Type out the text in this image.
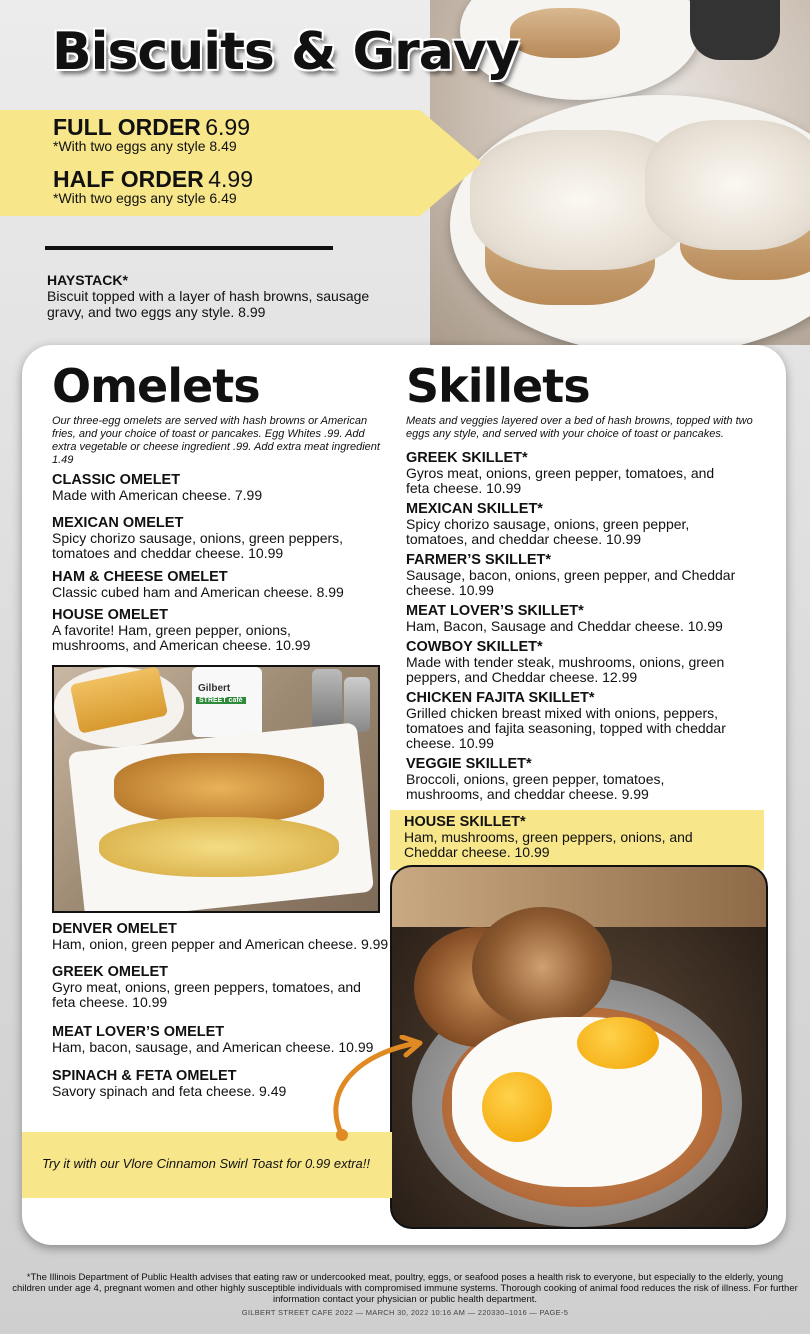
Biscuits & Gravy
FULL ORDER 6.99
*With two eggs any style 8.49
HALF ORDER 4.99
*With two eggs any style 6.49
HAYSTACK*
Biscuit topped with a layer of hash browns, sausage gravy, and two eggs any style. 8.99
Omelets
Our three-egg omelets are served with hash browns or American fries, and your choice of toast or pancakes. Egg Whites .99. Add extra vegetable or cheese ingredient .99. Add extra meat ingredient 1.49
CLASSIC OMELET
Made with American cheese. 7.99
MEXICAN OMELET
Spicy chorizo sausage, onions, green peppers, tomatoes and cheddar cheese. 10.99
HAM & CHEESE OMELET
Classic cubed ham and American cheese. 8.99
HOUSE OMELET
A favorite! Ham, green pepper, onions, mushrooms, and American cheese. 10.99
Gilbert
STREET café
DENVER OMELET
Ham, onion, green pepper and American cheese. 9.99
GREEK OMELET
Gyro meat, onions, green peppers, tomatoes, and feta cheese. 10.99
MEAT LOVER’S OMELET
Ham, bacon, sausage, and American cheese. 10.99
SPINACH & FETA OMELET
Savory spinach and feta cheese. 9.49
Skillets
Meats and veggies layered over a bed of hash browns, topped with two eggs any style, and served with your choice of toast or pancakes.
GREEK SKILLET*
Gyros meat, onions, green pepper, tomatoes, and feta cheese. 10.99
MEXICAN SKILLET*
Spicy chorizo sausage, onions, green pepper, tomatoes, and cheddar cheese. 10.99
FARMER’S SKILLET*
Sausage, bacon, onions, green pepper, and Cheddar cheese. 10.99
MEAT LOVER’S SKILLET*
Ham, Bacon, Sausage and Cheddar cheese. 10.99
COWBOY SKILLET*
Made with tender steak, mushrooms, onions, green peppers, and Cheddar cheese. 12.99
CHICKEN FAJITA SKILLET*
Grilled chicken breast mixed with onions, peppers, tomatoes and fajita seasoning, topped with cheddar cheese. 10.99
VEGGIE SKILLET*
Broccoli, onions, green pepper, tomatoes, mushrooms, and cheddar cheese. 9.99
HOUSE SKILLET*
Ham, mushrooms, green peppers, onions, and Cheddar cheese. 10.99
Try it with our Vlore Cinnamon Swirl Toast for 0.99 extra!!
*The Illinois Department of Public Health advises that eating raw or undercooked meat, poultry, eggs, or seafood poses a health risk to everyone, but especially to the elderly, young children under age 4, pregnant women and other highly susceptible individuals with compromised immune systems. Thorough cooking of animal food reduces the risk of illness. For further information contact your physician or public health department.
GILBERT STREET CAFE 2022 — MARCH 30, 2022 10:16 AM — 220330–1016 — PAGE-5
